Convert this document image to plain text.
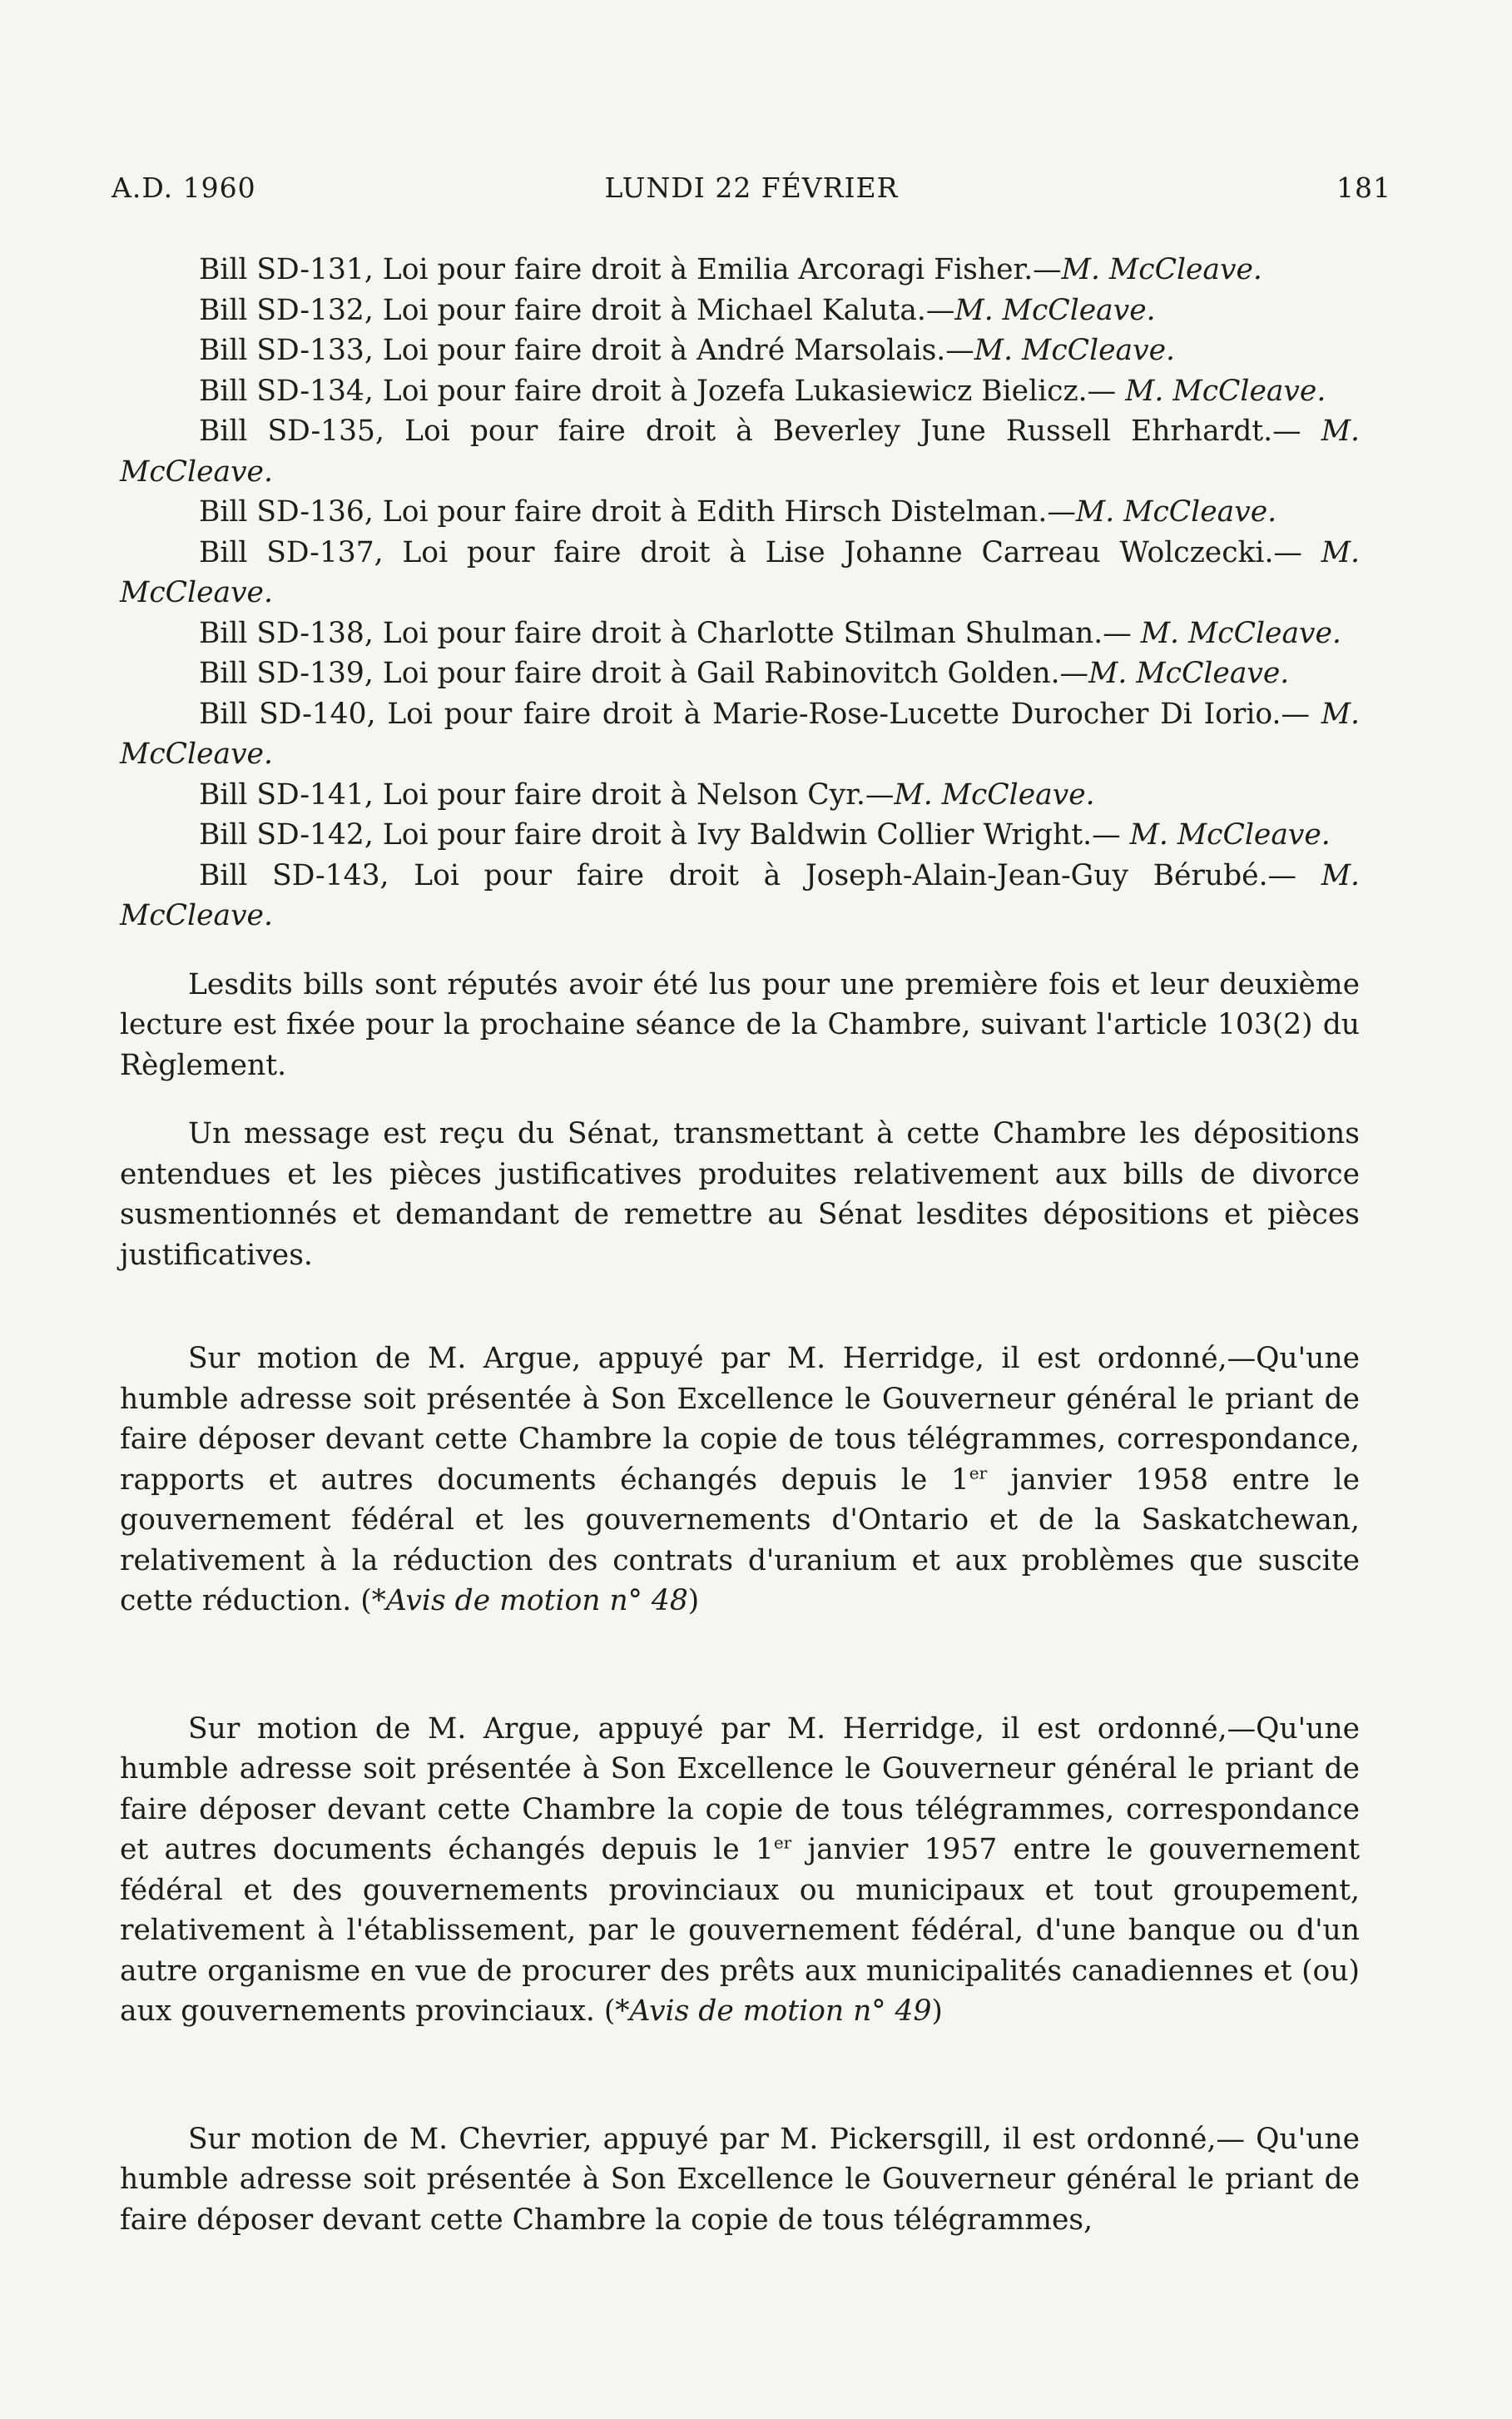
A.D. 1960	LUNDI 22 FÉVRIER	181

Bill SD-131, Loi pour faire droit à Emilia Arcoragi Fisher.—M. McCleave.

Bill SD-132, Loi pour faire droit à Michael Kaluta.—M. McCleave.

Bill SD-133, Loi pour faire droit à André Marsolais.—M. McCleave.

Bill SD-134, Loi pour faire droit à Jozefa Lukasiewicz Bielicz.— M. McCleave.

Bill SD-135, Loi pour faire droit à Beverley June Russell Ehrhardt.— M. McCleave.

Bill SD-136, Loi pour faire droit à Edith Hirsch Distelman.—M. McCleave.

Bill SD-137, Loi pour faire droit à Lise Johanne Carreau Wolczecki.— M. McCleave.

Bill SD-138, Loi pour faire droit à Charlotte Stilman Shulman.— M. McCleave.

Bill SD-139, Loi pour faire droit à Gail Rabinovitch Golden.—M. McCleave.

Bill SD-140, Loi pour faire droit à Marie-Rose-Lucette Durocher Di Iorio.— M. McCleave.

Bill SD-141, Loi pour faire droit à Nelson Cyr.—M. McCleave.

Bill SD-142, Loi pour faire droit à Ivy Baldwin Collier Wright.— M. McCleave.

Bill SD-143, Loi pour faire droit à Joseph-Alain-Jean-Guy Bérubé.— M. McCleave.

Lesdits bills sont réputés avoir été lus pour une première fois et leur deuxième lecture est fixée pour la prochaine séance de la Chambre, suivant l'article 103(2) du Règlement.

Un message est reçu du Sénat, transmettant à cette Chambre les dépositions entendues et les pièces justificatives produites relativement aux bills de divorce susmentionnés et demandant de remettre au Sénat lesdites dépositions et pièces justificatives.

Sur motion de M. Argue, appuyé par M. Herridge, il est ordonné,—Qu'une humble adresse soit présentée à Son Excellence le Gouverneur général le priant de faire déposer devant cette Chambre la copie de tous télégrammes, correspondance, rapports et autres documents échangés depuis le 1er janvier 1958 entre le gouvernement fédéral et les gouvernements d'Ontario et de la Saskatchewan, relativement à la réduction des contrats d'uranium et aux problèmes que suscite cette réduction. (*Avis de motion n° 48)

Sur motion de M. Argue, appuyé par M. Herridge, il est ordonné,—Qu'une humble adresse soit présentée à Son Excellence le Gouverneur général le priant de faire déposer devant cette Chambre la copie de tous télégrammes, correspondance et autres documents échangés depuis le 1er janvier 1957 entre le gouvernement fédéral et des gouvernements provinciaux ou municipaux et tout groupement, relativement à l'établissement, par le gouvernement fédéral, d'une banque ou d'un autre organisme en vue de procurer des prêts aux municipalités canadiennes et (ou) aux gouvernements provinciaux. (*Avis de motion n° 49)

Sur motion de M. Chevrier, appuyé par M. Pickersgill, il est ordonné,— Qu'une humble adresse soit présentée à Son Excellence le Gouverneur général le priant de faire déposer devant cette Chambre la copie de tous télégrammes,
